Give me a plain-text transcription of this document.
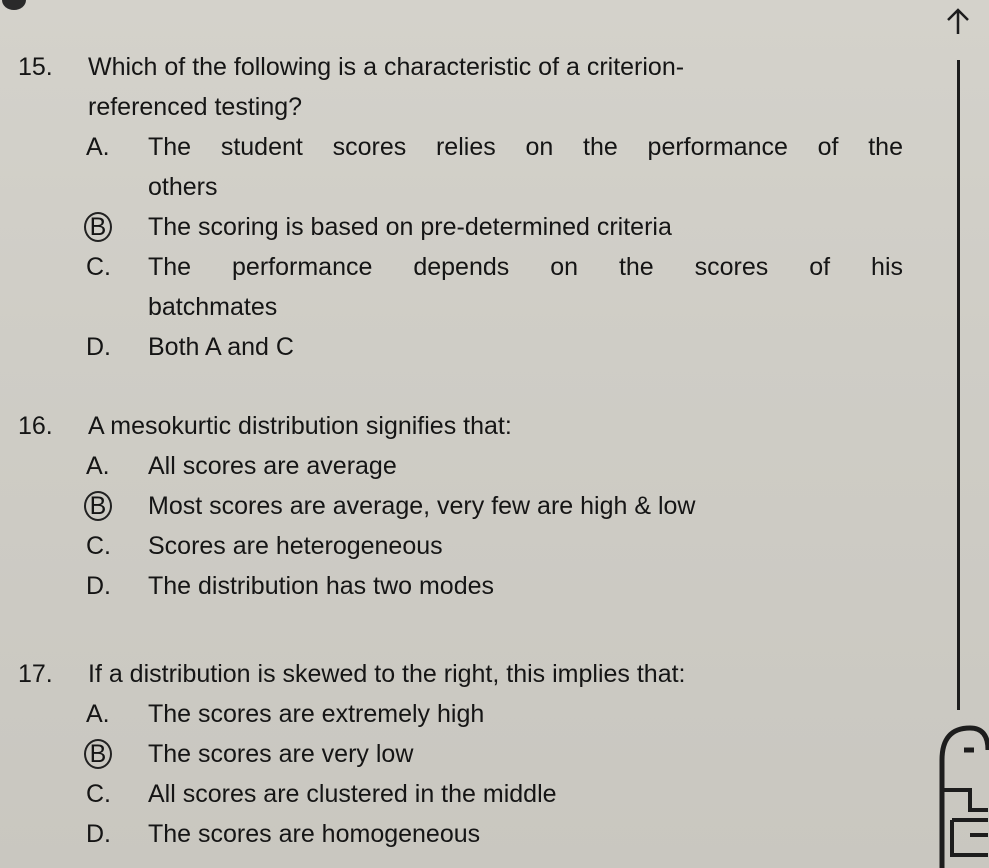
15. Which of the following is a characteristic of a criterion-
referenced testing?
A.	The student scores relies on the performance of the
others
B	The scoring is based on pre-determined criteria
C.	The performance depends on the scores of his
batchmates
D.	Both A and C
16. A mesokurtic distribution signifies that:
A.	All scores are average
B	Most scores are average, very few are high & low
C.	Scores are heterogeneous
D.	The distribution has two modes
17. If a distribution is skewed to the right, this implies that:
A.	The scores are extremely high
B	The scores are very low
C.	All scores are clustered in the middle
D.	The scores are homogeneous
